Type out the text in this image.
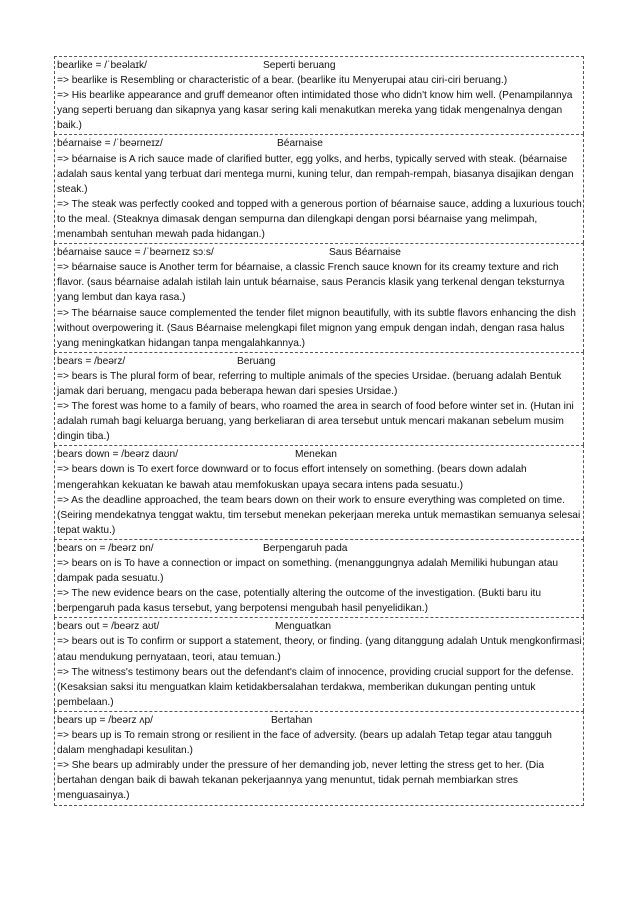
bearlike = /ˈbeəlaɪk/	Seperti beruang

=> bearlike is Resembling or characteristic of a bear. (bearlike itu Menyerupai atau ciri-ciri beruang.)

=> His bearlike appearance and gruff demeanor often intimidated those who didn't know him well. (Penampilannya yang seperti beruang dan sikapnya yang kasar sering kali menakutkan mereka yang tidak mengenalnya dengan baik.)

béarnaise = /ˈbeərneɪz/	Béarnaise

=> béarnaise is A rich sauce made of clarified butter, egg yolks, and herbs, typically served with steak. (béarnaise adalah saus kental yang terbuat dari mentega murni, kuning telur, dan rempah-rempah, biasanya disajikan dengan steak.)

=> The steak was perfectly cooked and topped with a generous portion of béarnaise sauce, adding a luxurious touch to the meal. (Steaknya dimasak dengan sempurna dan dilengkapi dengan porsi béarnaise yang melimpah, menambah sentuhan mewah pada hidangan.)

béarnaise sauce = /ˈbeərneɪz sɔːs/	Saus Béarnaise

=> béarnaise sauce is Another term for béarnaise, a classic French sauce known for its creamy texture and rich flavor. (saus béarnaise adalah istilah lain untuk béarnaise, saus Perancis klasik yang terkenal dengan teksturnya yang lembut dan kaya rasa.)

=> The béarnaise sauce complemented the tender filet mignon beautifully, with its subtle flavors enhancing the dish without overpowering it. (Saus Béarnaise melengkapi filet mignon yang empuk dengan indah, dengan rasa halus yang meningkatkan hidangan tanpa mengalahkannya.)

bears = /beərz/	Beruang

=> bears is The plural form of bear, referring to multiple animals of the species Ursidae. (beruang adalah Bentuk jamak dari beruang, mengacu pada beberapa hewan dari spesies Ursidae.)

=> The forest was home to a family of bears, who roamed the area in search of food before winter set in. (Hutan ini adalah rumah bagi keluarga beruang, yang berkeliaran di area tersebut untuk mencari makanan sebelum musim dingin tiba.)

bears down = /beərz daʊn/	Menekan

=> bears down is To exert force downward or to focus effort intensely on something. (bears down adalah mengerahkan kekuatan ke bawah atau memfokuskan upaya secara intens pada sesuatu.)

=> As the deadline approached, the team bears down on their work to ensure everything was completed on time. (Seiring mendekatnya tenggat waktu, tim tersebut menekan pekerjaan mereka untuk memastikan semuanya selesai tepat waktu.)

bears on = /beərz ɒn/	Berpengaruh pada

=> bears on is To have a connection or impact on something. (menanggungnya adalah Memiliki hubungan atau dampak pada sesuatu.)

=> The new evidence bears on the case, potentially altering the outcome of the investigation. (Bukti baru itu berpengaruh pada kasus tersebut, yang berpotensi mengubah hasil penyelidikan.)

bears out = /beərz aʊt/	Menguatkan

=> bears out is To confirm or support a statement, theory, or finding. (yang ditanggung adalah Untuk mengkonfirmasi atau mendukung pernyataan, teori, atau temuan.)

=> The witness's testimony bears out the defendant's claim of innocence, providing crucial support for the defense. (Kesaksian saksi itu menguatkan klaim ketidakbersalahan terdakwa, memberikan dukungan penting untuk pembelaan.)

bears up = /beərz ʌp/	Bertahan

=> bears up is To remain strong or resilient in the face of adversity. (bears up adalah Tetap tegar atau tangguh dalam menghadapi kesulitan.)

=> She bears up admirably under the pressure of her demanding job, never letting the stress get to her. (Dia bertahan dengan baik di bawah tekanan pekerjaannya yang menuntut, tidak pernah membiarkan stres menguasainya.)
